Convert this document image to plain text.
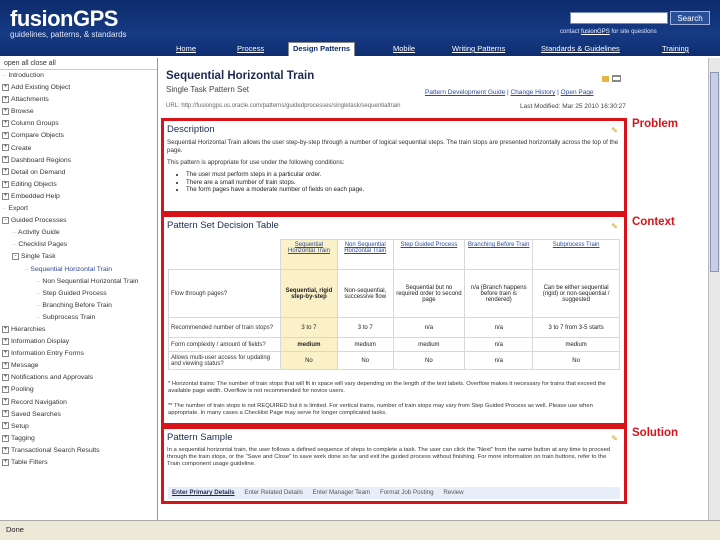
fusionGPS
guidelines, patterns, & standards
Search
contact fusionGPS for site questions
Home	Process	Design Patterns	Mobile	Writing Patterns	Standards & Guidelines	Training
open all close all
·· Introduction
+ Add Existing Object
+ Attachments
+ Browse
+ Column Groups
+ Compare Objects
+ Create
+ Dashboard Regions
+ Detail on Demand
+ Editing Objects
+ Embedded Help
·· Export
- Guided Processes
·· Activity Guide
·· Checklist Pages
- Single Task
·· Sequential Horizontal Train
·· Non Sequential Horizontal Train
·· Step Guided Process
·· Branching Before Train
·· Subprocess Train
+ Hierarchies
+ Information Display
+ Information Entry Forms
+ Message
+ Notifications and Approvals
+ Pooling
+ Record Navigation
+ Saved Searches
+ Setup
+ Tagging
+ Transactional Search Results
+ Table Filters
Sequential Horizontal Train
Single Task Pattern Set	Pattern Development Guide | Change History | Open Page
URL: http://fusiongps.us.oracle.com/patterns/guidedprocesses/singletask/sequentialtrain	Last Modified: Mar 25 2010 16:30:27
✎
Description
Sequential Horizontal Train allows the user step-by-step through a number of logical sequential steps. The train stops are presented horizontally across the top of the page.
This pattern is appropriate for use under the following conditions:
• The user must perform steps in a particular order.
• There are a small number of train stops.
• The form pages have a moderate number of fields on each page.
✎
Pattern Set Decision Table
	Sequential Horizontal Train	Non Sequential Horizontal Train	Step Guided Process	Branching Before Train	Subprocess Train
Flow through pages?	Sequential, rigid step-by-step	Non-sequential, successive flow	Sequential but no required order to second page	n/a (Branch happens before train is rendered)	Can be either sequential (rigid) or non-sequential / suggested
Recommended number of train stops?	3 to 7	3 to 7	n/a	n/a	3 to 7 from 3-5 starts
Form complexity / amount of fields?	medium	medium	medium	n/a	medium
Allows multi-user access for updating and viewing status?	No	No	No	n/a	No
* Horizontal trains: The number of train stops that will fit in space will vary depending on the length of the text labels. Overflow makes it necessary for trains that exceed the available page width. Overflow is not recommended for novice users.
** The number of train stops is not REQUIRED but it is limited. For vertical trains, number of train stops may vary from Step Guided Process as well. Please use when appropriate. In many cases a Checklist Page may serve for longer complicated tasks.
✎
Pattern Sample
In a sequential horizontal train, the user follows a defined sequence of steps to complete a task. The user can click the "Next" from the same button at any time to proceed through the train stops, or the "Save and Close" to save work done so far and exit the guided process without finishing. For more information on train buttons, refer to the Train component usage guideline.
Enter Primary Details Enter Related Details Enter Manager Team Format Job Posting Review
Problem
Context
Solution
Done
